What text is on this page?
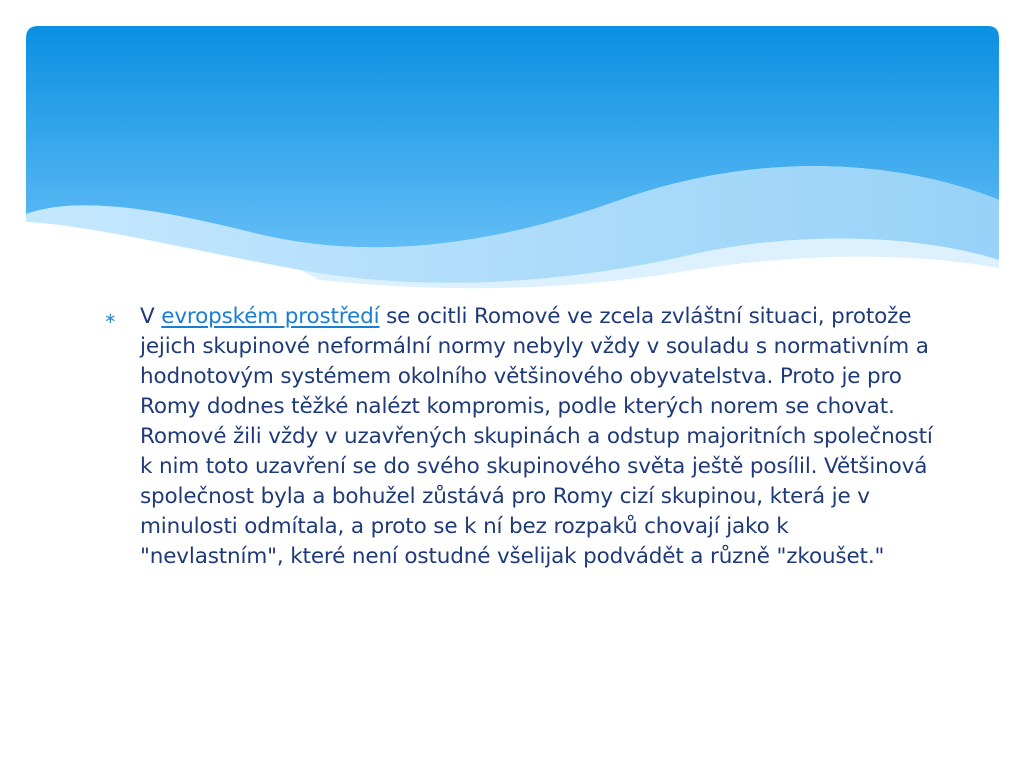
∗	V evropském prostředí se ocitli Romové ve zcela zvláštní situaci, protože jejich skupinové neformální normy nebyly vždy v souladu s normativním a hodnotovým systémem okolního většinového obyvatelstva. Proto je pro Romy dodnes těžké nalézt kompromis, podle kterých norem se chovat. Romové žili vždy v uzavřených skupinách a odstup majoritních společností k nim toto uzavření se do svého skupinového světa ještě posílil. Většinová společnost byla a bohužel zůstává pro Romy cizí skupinou, která je v minulosti odmítala, a proto se k ní bez rozpaků chovají jako k "nevlastním", které není ostudné všelijak podvádět a různě "zkoušet."
